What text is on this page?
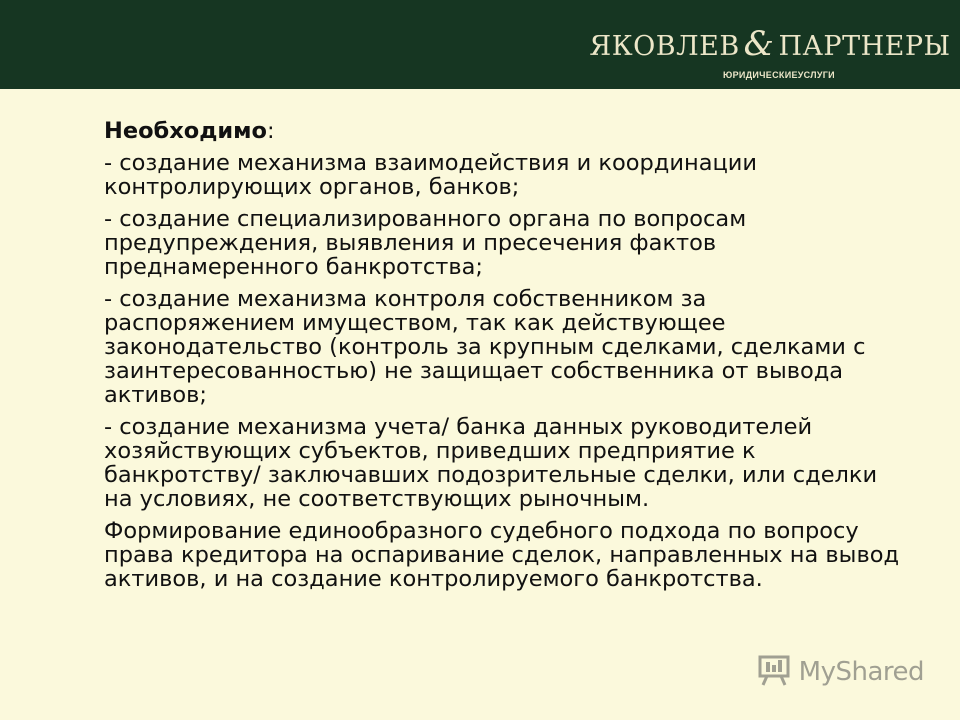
ЯКОВЛЕВ & ПАРТНЕРЫ
ЮРИДИЧЕСКИЕУСЛУГИ

Необходимо:

- создание механизма взаимодействия и координации контролирующих органов, банков;

- создание специализированного органа по вопросам предупреждения, выявления и пресечения фактов преднамеренного банкротства;

- создание механизма контроля собственником за распоряжением имуществом, так как действующее законодательство (контроль за крупным сделками, сделками с заинтересованностью) не защищает собственника от вывода активов;

- создание механизма учета/ банка данных руководителей хозяйствующих субъектов, приведших предприятие к банкротству/ заключавших подозрительные сделки, или сделки на условиях, не соответствующих рыночным.

Формирование единообразного судебного подхода по вопросу права кредитора на оспаривание сделок, направленных на вывод активов, и на создание контролируемого банкротства.

MyShared
